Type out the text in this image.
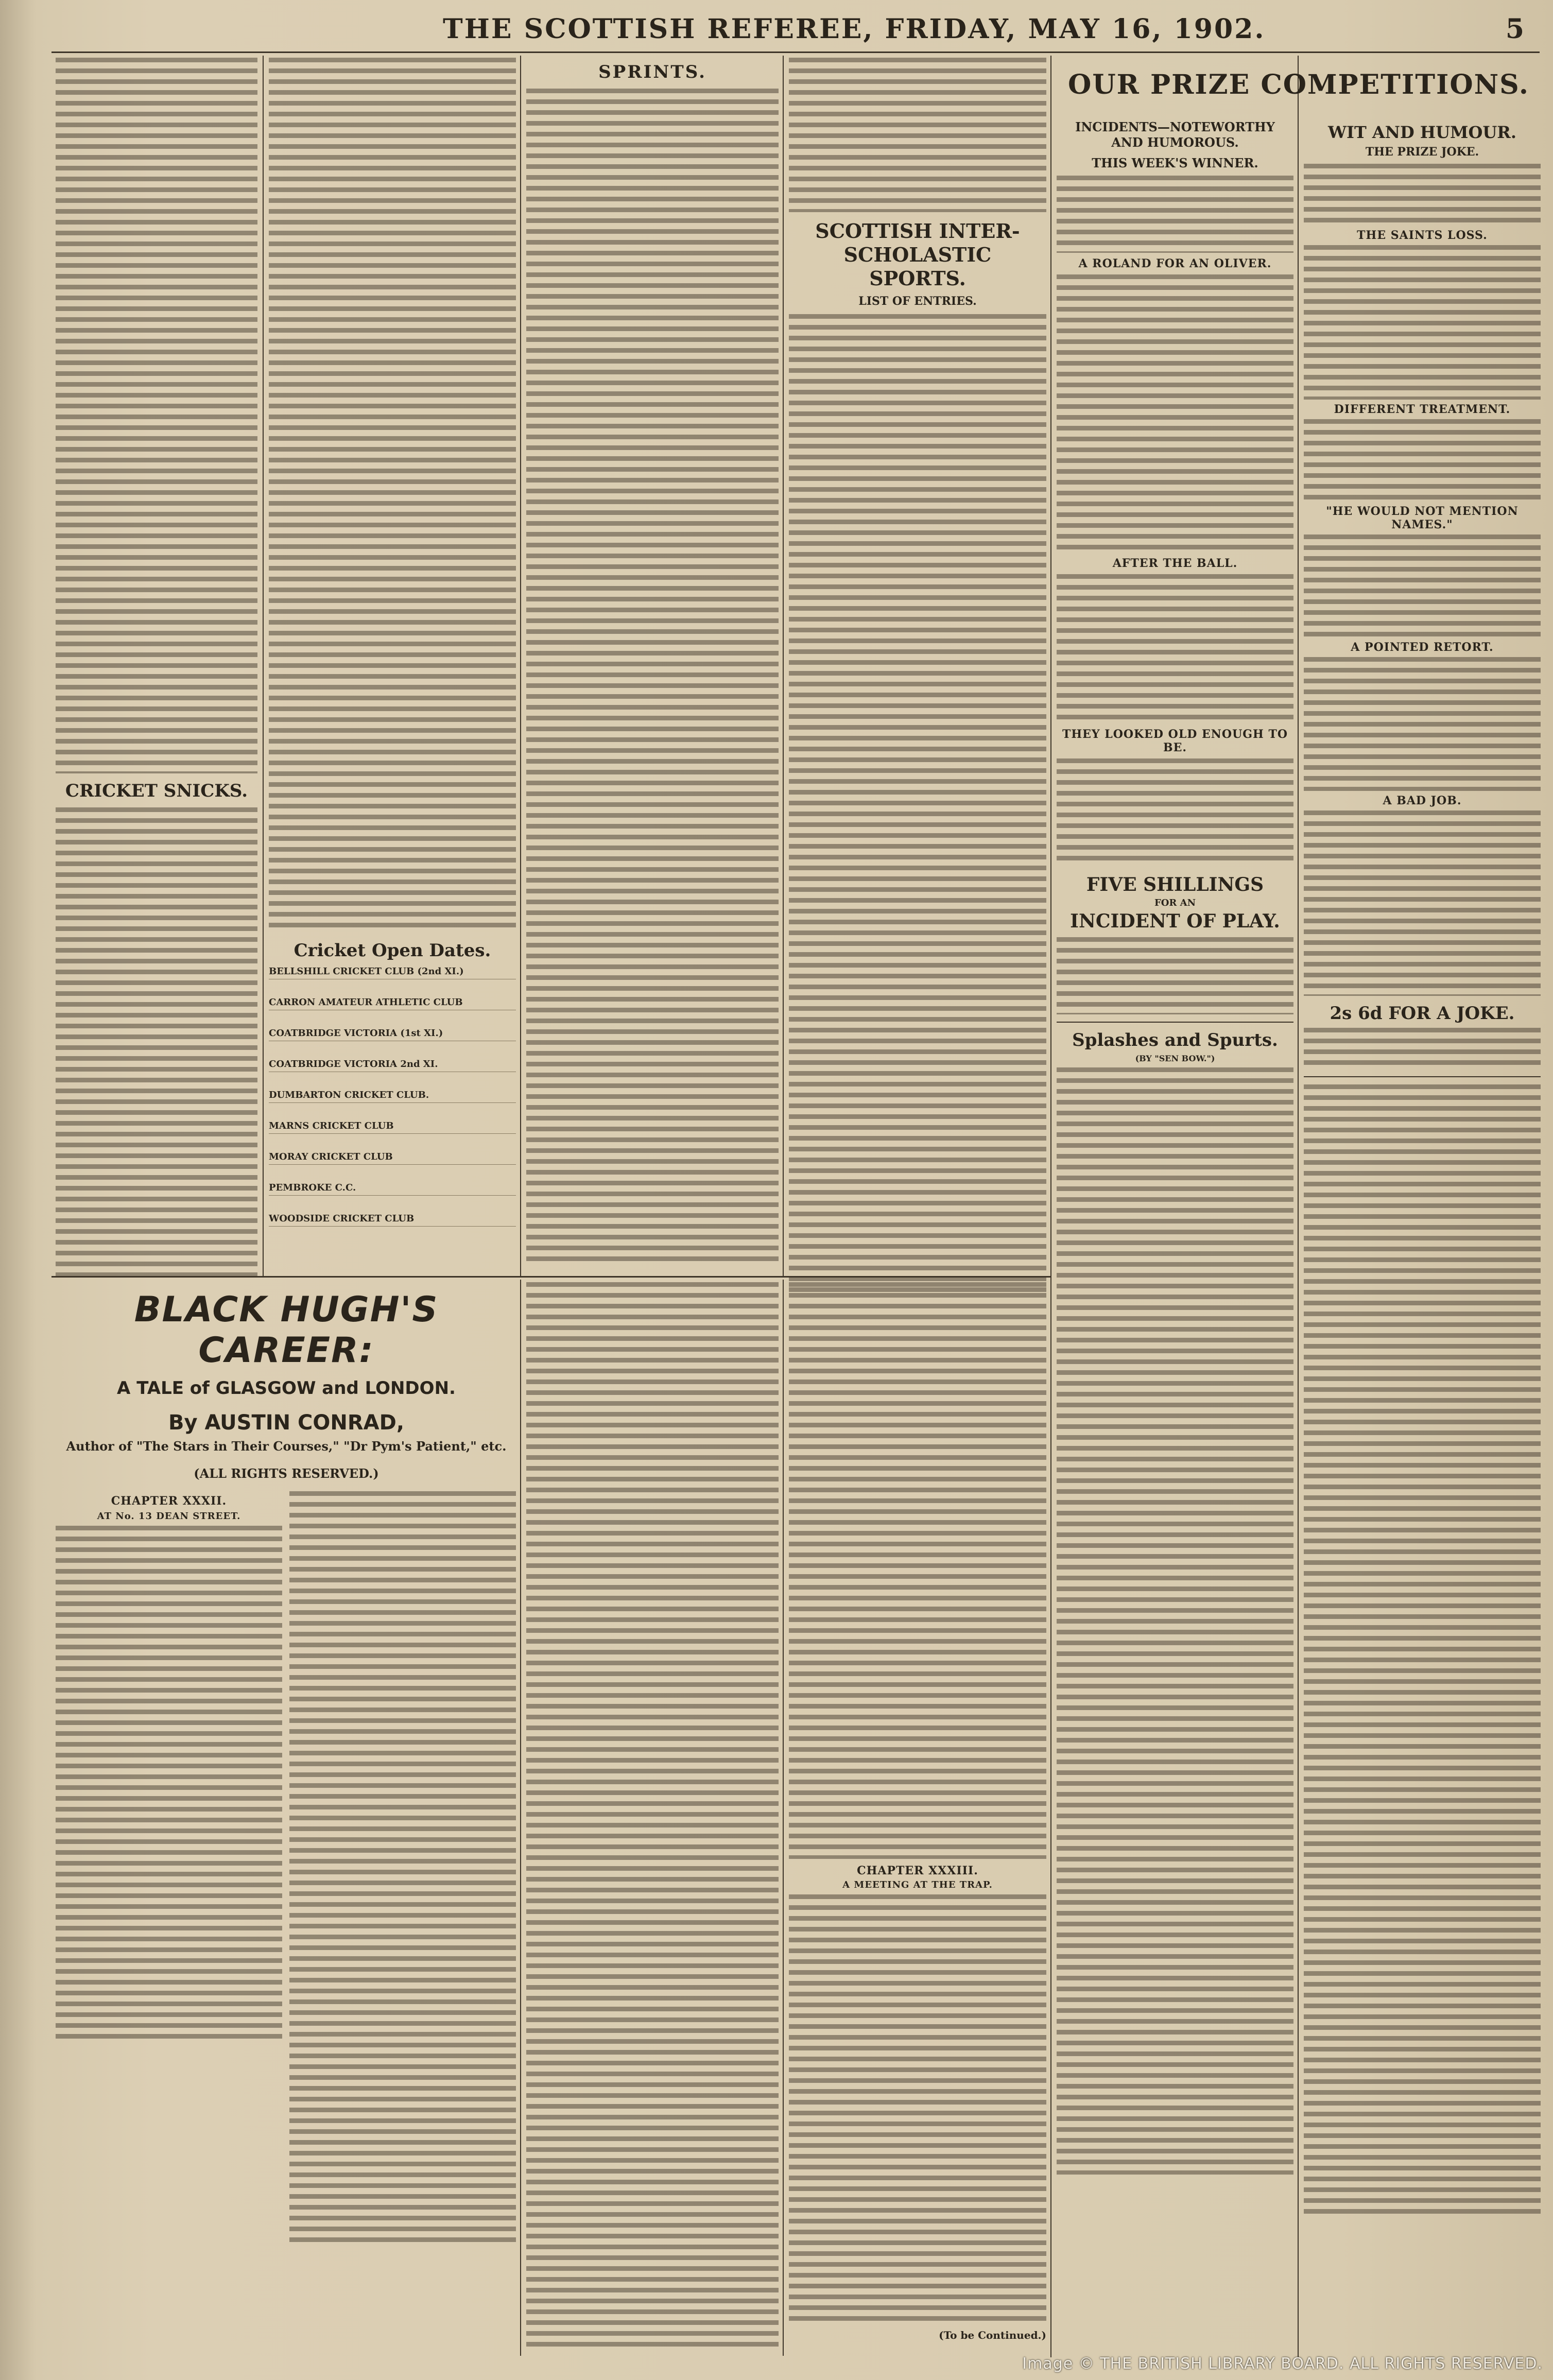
THE SCOTTISH REFEREE, FRIDAY, MAY 16, 1902.	5

CRICKET SNICKS.

Cricket Open Dates.
BELLSHILL CRICKET CLUB (2nd XI.)
CARRON AMATEUR ATHLETIC CLUB
COATBRIDGE VICTORIA (1st XI.)
COATBRIDGE VICTORIA 2nd XI.
DUMBARTON CRICKET CLUB.
MARNS CRICKET CLUB
MORAY CRICKET CLUB
PEMBROKE C.C.
WOODSIDE CRICKET CLUB
SPRINTS.

SCOTTISH INTER-SCHOLASTIC SPORTS.
LIST OF ENTRIES.

OUR PRIZE COMPETITIONS.
INCIDENTS—NOTEWORTHY AND HUMOROUS.
THIS WEEK'S WINNER.

A ROLAND FOR AN OLIVER.

AFTER THE BALL.

THEY LOOKED OLD ENOUGH TO BE.

FIVE SHILLINGS
FOR AN
INCIDENT OF PLAY.

Splashes and Spurts.
(BY "SEN BOW.")

WIT AND HUMOUR.
THE PRIZE JOKE.

THE SAINTS LOSS.

DIFFERENT TREATMENT.

"HE WOULD NOT MENTION NAMES."

A POINTED RETORT.

A BAD JOB.

2s 6d FOR A JOKE.

BLACK HUGH'S CAREER:
A TALE of GLASGOW and LONDON.
By AUSTIN CONRAD,
Author of "The Stars in Their Courses," "Dr Pym's Patient," etc.
(ALL RIGHTS RESERVED.)
CHAPTER XXXII.
AT No. 13 DEAN STREET.

CHAPTER XXXIII.
A MEETING AT THE TRAP.

(To be Continued.)
Image © THE BRITISH LIBRARY BOARD. ALL RIGHTS RESERVED.
